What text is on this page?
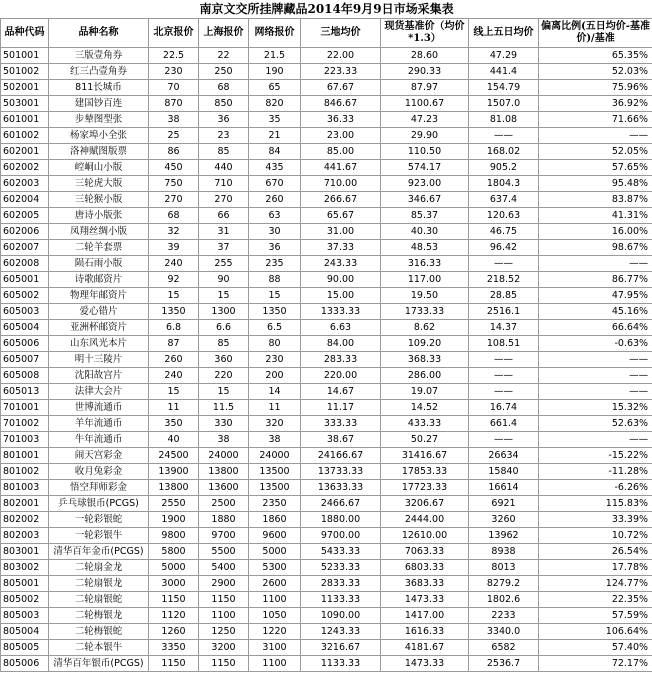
南京文交所挂牌藏品2014年9月9日市场采集表								
品种代码	品种名称	北京报价	上海报价	网络报价	三地均价	现货基准价（均价*1.3）	线上五日均价	偏离比例(五日均价-基准价)/基准
501001	三版壹角券	22.5	22	21.5	22.00	28.60	47.29	65.35%
501002	红三凸壹角券	230	250	190	223.33	290.33	441.4	52.03%
502001	811长城币	70	68	65	67.67	87.97	154.79	75.96%
503001	建国钞百连	870	850	820	846.67	1100.67	1507.0	36.92%
601001	步辇图型张	38	36	35	36.33	47.23	81.08	71.66%
601002	杨家埠小全张	25	23	21	23.00	29.90	——	——
602001	洛神赋图版票	86	85	84	85.00	110.50	168.02	52.05%
602002	崆峒山小版	450	440	435	441.67	574.17	905.2	57.65%
602003	三轮虎大版	750	710	670	710.00	923.00	1804.3	95.48%
602004	三轮猴小版	270	270	260	266.67	346.67	637.4	83.87%
602005	唐诗小版张	68	66	63	65.67	85.37	120.63	41.31%
602006	凤翔丝绸小版	32	31	30	31.00	40.30	46.75	16.00%
602007	二轮羊套票	39	37	36	37.33	48.53	96.42	98.67%
602008	陨石雨小版	240	255	235	243.33	316.33	——	——
605001	诗歌邮资片	92	90	88	90.00	117.00	218.52	86.77%
605002	物理年邮资片	15	15	15	15.00	19.50	28.85	47.95%
605003	爱心错片	1350	1300	1350	1333.33	1733.33	2516.1	45.16%
605004	亚洲杯邮资片	6.8	6.6	6.5	6.63	8.62	14.37	66.64%
605006	山东风光本片	87	85	80	84.00	109.20	108.51	-0.63%
605007	明十三陵片	260	360	230	283.33	368.33	——	——
605008	沈阳故宫片	240	220	200	220.00	286.00	——	——
605013	法律大会片	15	15	14	14.67	19.07	——	——
701001	世博流通币	11	11.5	11	11.17	14.52	16.74	15.32%
701002	羊年流通币	350	330	320	333.33	433.33	661.4	52.63%
701003	牛年流通币	40	38	38	38.67	50.27	——	——
801001	闹天宫彩金	24500	24000	24000	24166.67	31416.67	26634	-15.22%
801002	收月兔彩金	13900	13800	13500	13733.33	17853.33	15840	-11.28%
801003	悟空拜师彩金	13800	13600	13500	13633.33	17723.33	16614	-6.26%
802001	乒乓球银币(PCGS)	2550	2500	2350	2466.67	3206.67	6921	115.83%
802002	一轮彩银蛇	1900	1880	1860	1880.00	2444.00	3260	33.39%
802003	一轮彩银牛	9800	9700	9600	9700.00	12610.00	13962	10.72%
803001	清华百年金币(PCGS)	5800	5500	5000	5433.33	7063.33	8938	26.54%
803002	二轮扇金龙	5000	5400	5300	5233.33	6803.33	8013	17.78%
805001	二轮扇银龙	3000	2900	2600	2833.33	3683.33	8279.2	124.77%
805002	二轮扇银蛇	1150	1150	1100	1133.33	1473.33	1802.6	22.35%
805003	二轮梅银龙	1120	1100	1050	1090.00	1417.00	2233	57.59%
805004	二轮梅银蛇	1260	1250	1220	1243.33	1616.33	3340.0	106.64%
805005	二轮本银牛	3350	3200	3100	3216.67	4181.67	6582	57.40%
805006	清华百年银币(PCGS)	1150	1150	1100	1133.33	1473.33	2536.7	72.17%
